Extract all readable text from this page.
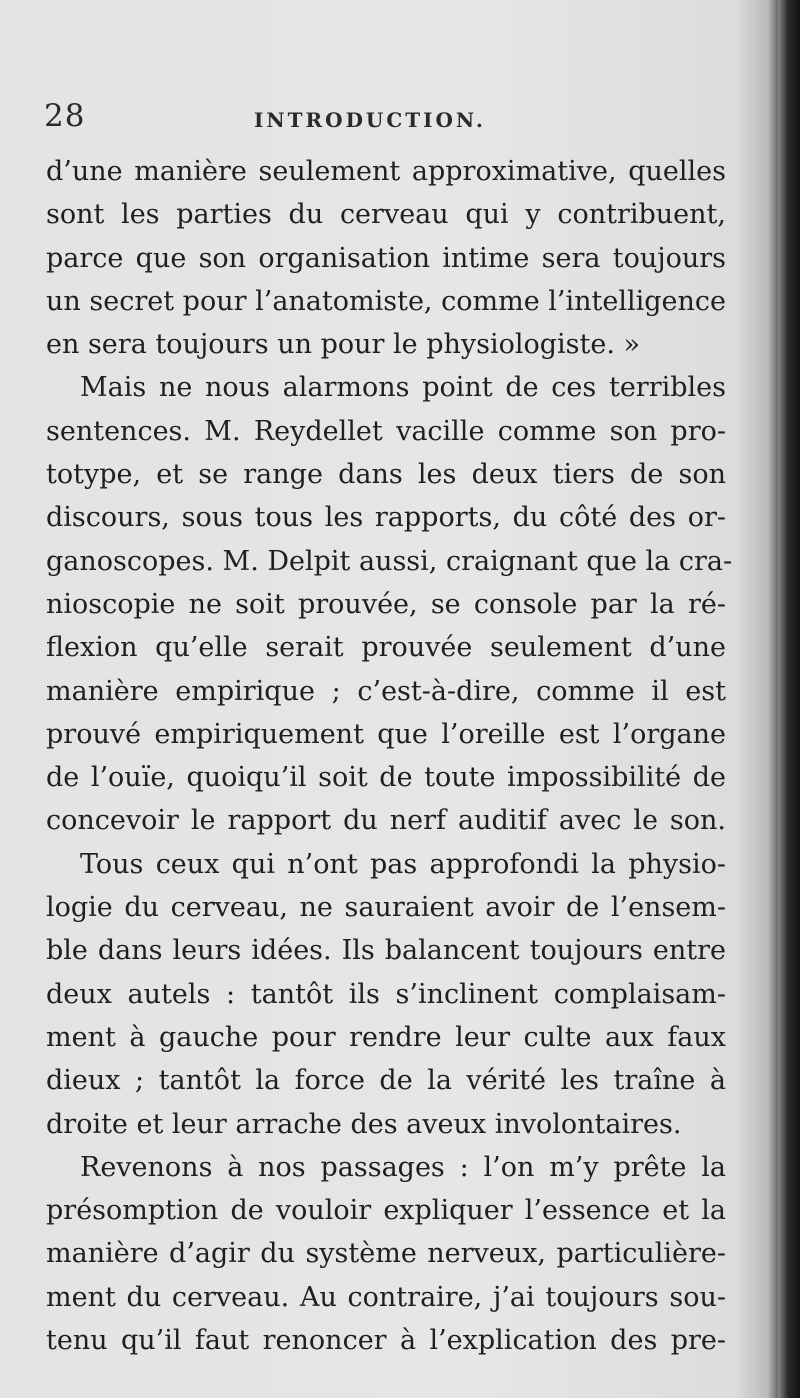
28	INTRODUCTION.
d’une manière seulement approximative, quelles
sont les parties du cerveau qui y contribuent,
parce que son organisation intime sera toujours
un secret pour l’anatomiste, comme l’intelligence
en sera toujours un pour le physiologiste. »
Mais ne nous alarmons point de ces terribles
sentences. M. Reydellet vacille comme son pro-
totype, et se range dans les deux tiers de son
discours, sous tous les rapports, du côté des or-
ganoscopes. M. Delpit aussi, craignant que la cra-
nioscopie ne soit prouvée, se console par la ré-
flexion qu’elle serait prouvée seulement d’une
manière empirique ; c’est-à-dire, comme il est
prouvé empiriquement que l’oreille est l’organe
de l’ouïe, quoiqu’il soit de toute impossibilité de
concevoir le rapport du nerf auditif avec le son.
Tous ceux qui n’ont pas approfondi la physio-
logie du cerveau, ne sauraient avoir de l’ensem-
ble dans leurs idées. Ils balancent toujours entre
deux autels : tantôt ils s’inclinent complaisam-
ment à gauche pour rendre leur culte aux faux
dieux ; tantôt la force de la vérité les traîne à
droite et leur arrache des aveux involontaires.
Revenons à nos passages : l’on m’y prête la
présomption de vouloir expliquer l’essence et la
manière d’agir du système nerveux, particulière-
ment du cerveau. Au contraire, j’ai toujours sou-
tenu qu’il faut renoncer à l’explication des pre-
